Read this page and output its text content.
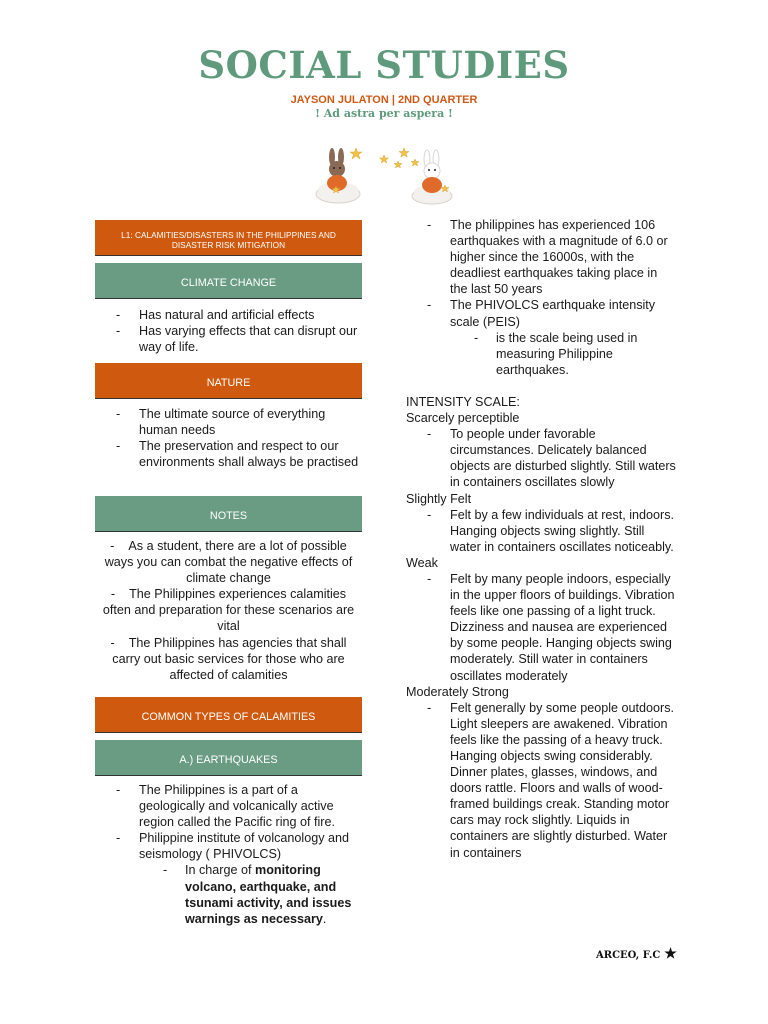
SOCIAL STUDIES
JAYSON JULATON | 2ND QUARTER
! Ad astra per aspera !
L1: CALAMITIES/DISASTERS IN THE PHILIPPINES AND DISASTER RISK MITIGATION
CLIMATE CHANGE
- Has natural and artificial effects
- Has varying effects that can disrupt our way of life.
NATURE
- The ultimate source of everything human needs
- The preservation and respect to our environments shall always be practised
NOTES

- As a student, there are a lot of possible ways you can combat the negative effects of climate change

- The Philippines experiences calamities often and preparation for these scenarios are vital

- The Philippines has agencies that shall carry out basic services for those who are affected of calamities

COMMON TYPES OF CALAMITIES
A.) EARTHQUAKES
- The Philippines is a part of a geologically and volcanically active region called the Pacific ring of fire.
- Philippine institute of volcanology and seismology ( PHIVOLCS)
- In charge of monitoring volcano, earthquake, and tsunami activity, and issues warnings as necessary.
- The philippines has experienced 106 earthquakes with a magnitude of 6.0 or higher since the 16000s, with the deadliest earthquakes taking place in the last 50 years
- The PHIVOLCS earthquake intensity scale (PEIS)
- is the scale being used in measuring Philippine earthquakes.

INTENSITY SCALE:

Scarcely perceptible

- To people under favorable circumstances. Delicately balanced objects are disturbed slightly. Still waters in containers oscillates slowly

Slightly Felt

- Felt by a few individuals at rest, indoors. Hanging objects swing slightly. Still water in containers oscillates noticeably.

Weak

- Felt by many people indoors, especially in the upper floors of buildings. Vibration feels like one passing of a light truck. Dizziness and nausea are experienced by some people. Hanging objects swing moderately. Still water in containers oscillates moderately

Moderately Strong

- Felt generally by some people outdoors. Light sleepers are awakened. Vibration feels like the passing of a heavy truck. Hanging objects swing considerably. Dinner plates, glasses, windows, and doors rattle. Floors and walls of wood-framed buildings creak. Standing motor cars may rock slightly. Liquids in containers are slightly disturbed. Water in containers
ARCEO, F.C ★
